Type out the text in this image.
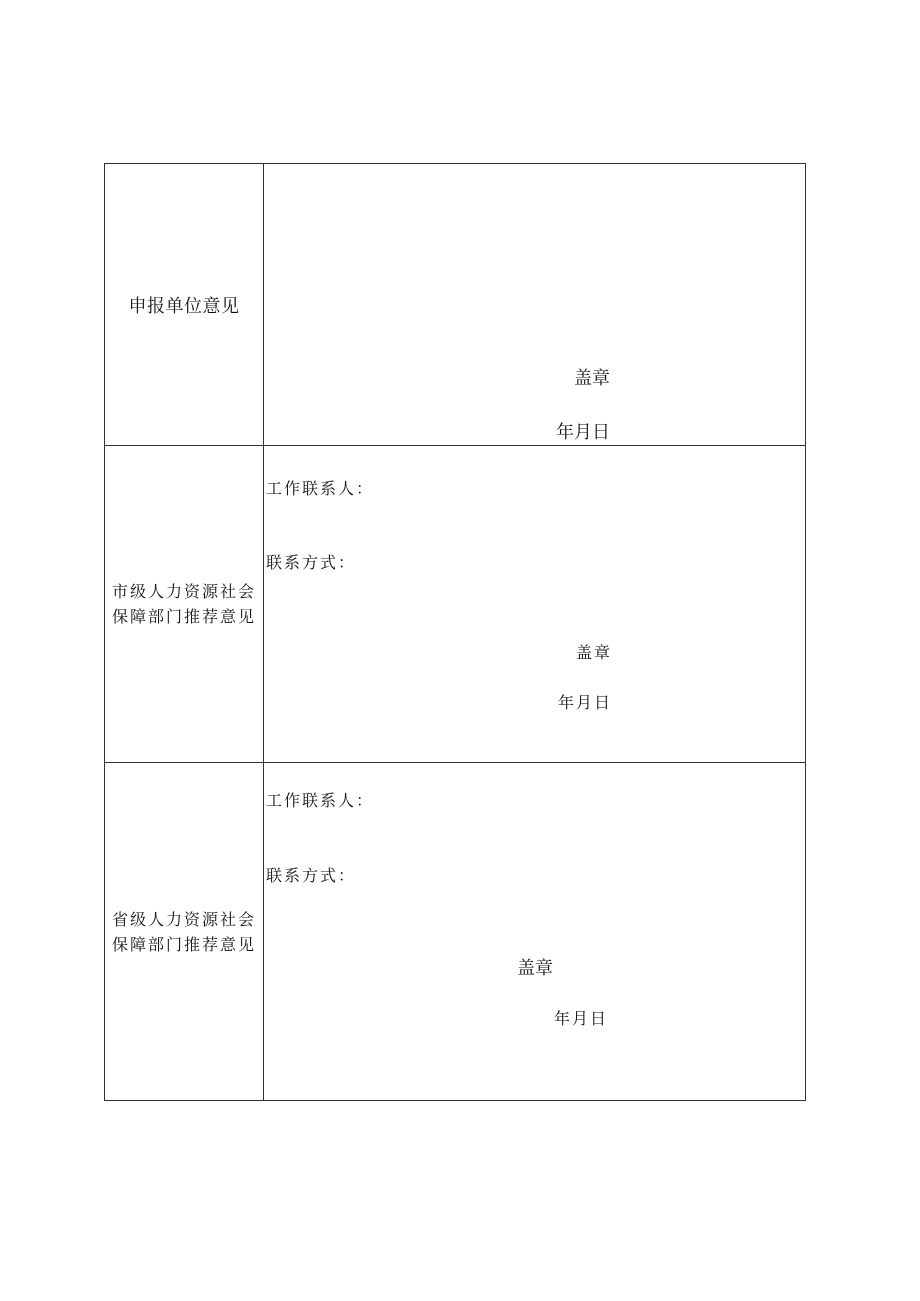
申报单位意见
盖章
年月日
市级人力资源社会
保障部门推荐意见
工作联系人：
联系方式：
盖章
年月日
省级人力资源社会
保障部门推荐意见
工作联系人：
联系方式：
盖章
年月日
